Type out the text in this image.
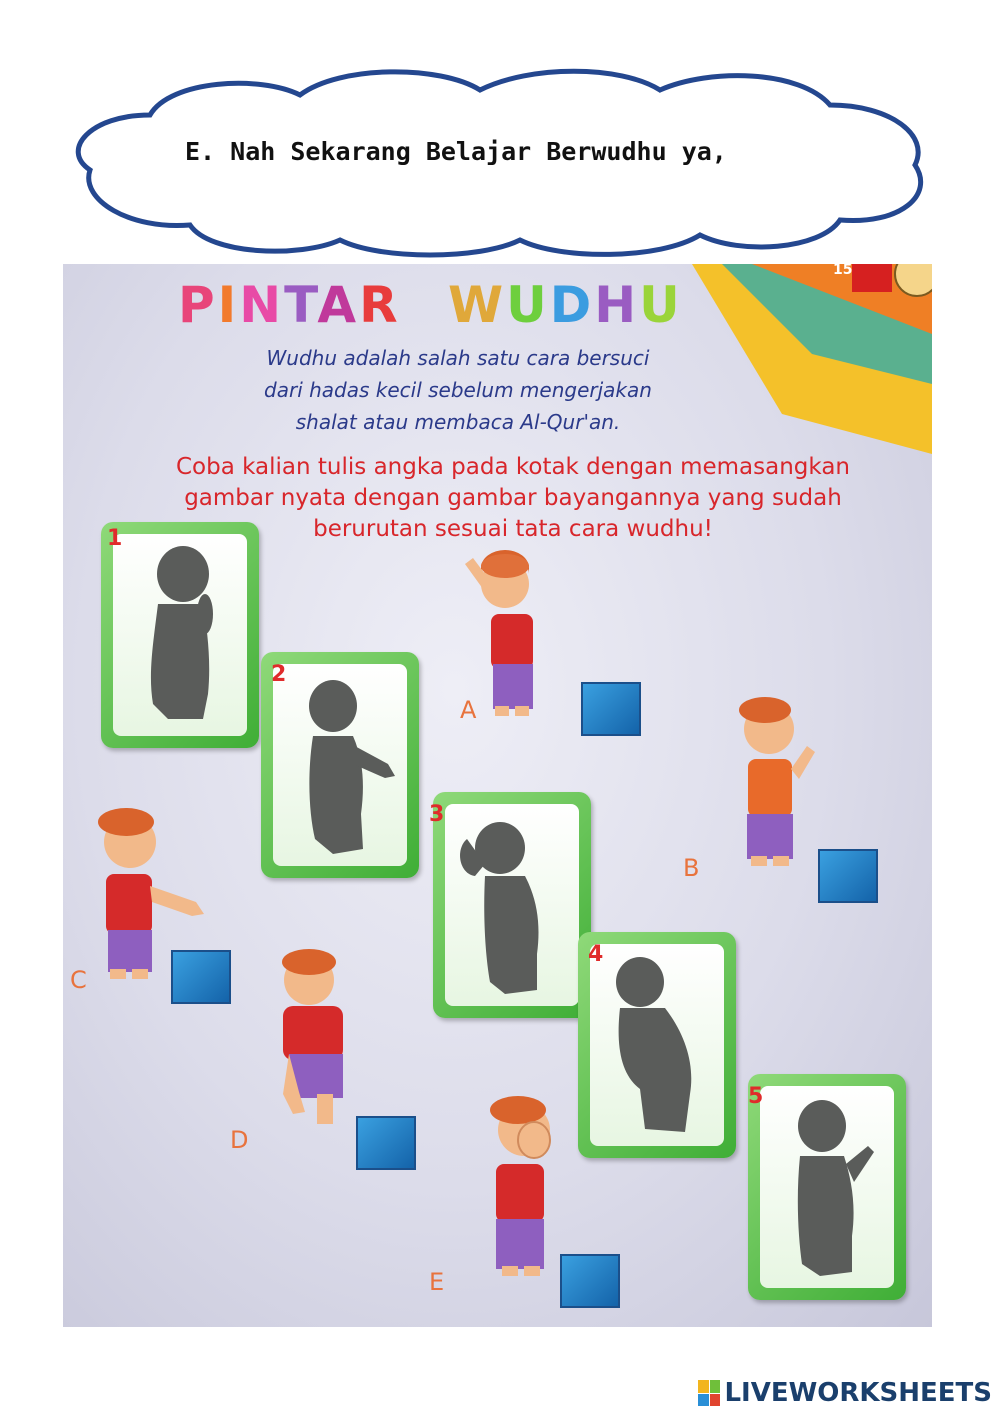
E. Nah Sekarang Belajar Berwudhu ya,
15
PINTAR WUDHU
Wudhu adalah salah satu cara bersuci
dari hadas kecil sebelum mengerjakan
shalat atau membaca Al-Qur'an.
Coba kalian tulis angka pada kotak dengan memasangkan
gambar nyata dengan gambar bayangannya yang sudah
berurutan sesuai tata cara wudhu!
1
2
3
4
5
A
B
C
D
E
LIVEWORKSHEETS
